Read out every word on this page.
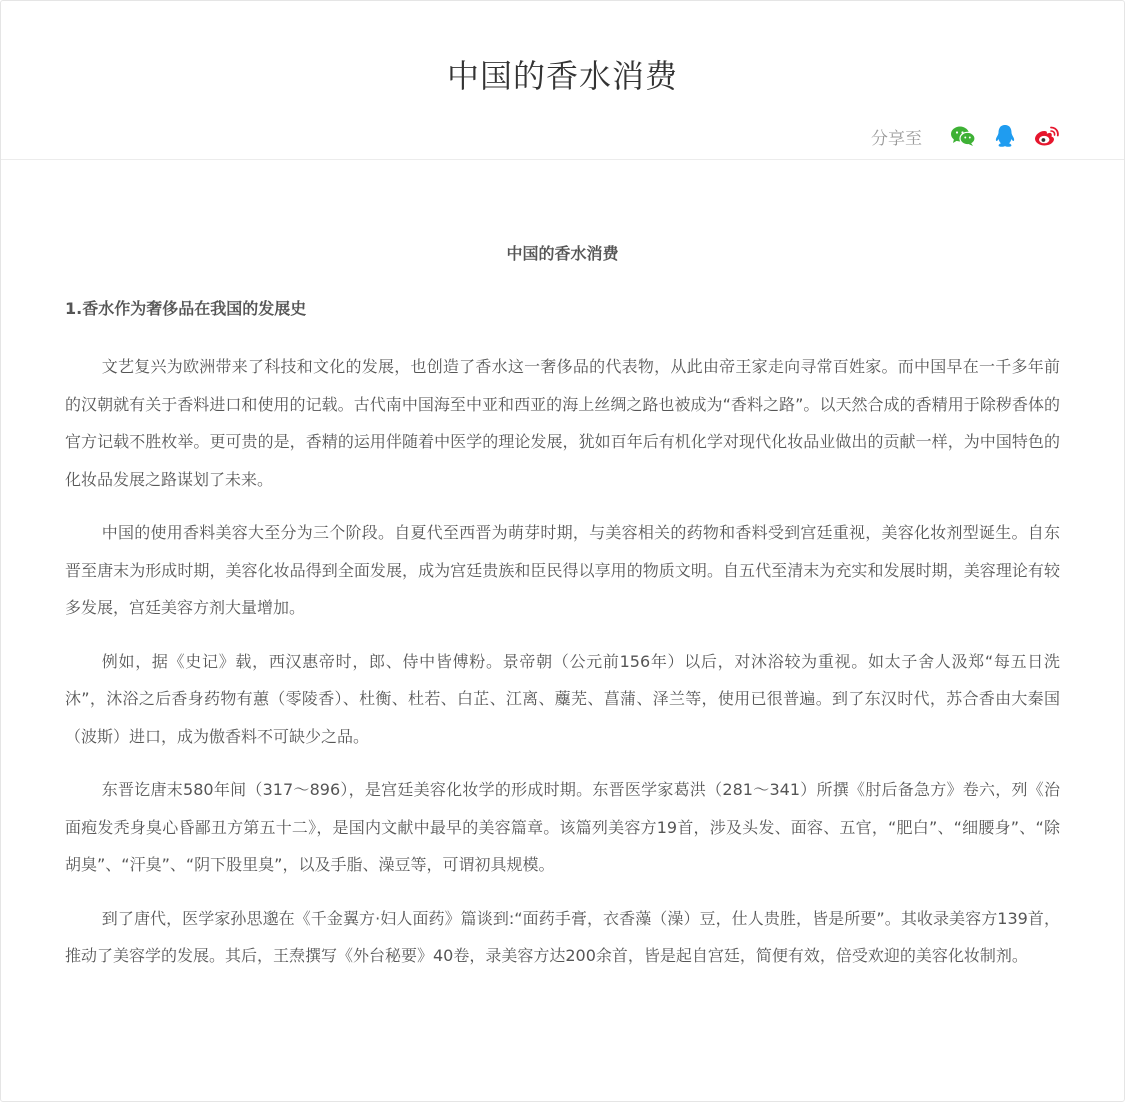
中国的香水消费
分享至
中国的香水消费
1.香水作为奢侈品在我国的发展史

文艺复兴为欧洲带来了科技和文化的发展，也创造了香水这一奢侈品的代表物，从此由帝王家走向寻常百姓家。而中国早在一千多年前的汉朝就有关于香料进口和使用的记载。古代南中国海至中亚和西亚的海上丝绸之路也被成为“香料之路”。以天然合成的香精用于除秽香体的官方记载不胜枚举。更可贵的是，香精的运用伴随着中医学的理论发展，犹如百年后有机化学对现代化妆品业做出的贡献一样，为中国特色的化妆品发展之路谋划了未来。

中国的使用香料美容大至分为三个阶段。自夏代至西晋为萌芽时期，与美容相关的药物和香料受到宫廷重视，美容化妆剂型诞生。自东晋至唐末为形成时期，美容化妆品得到全面发展，成为宫廷贵族和臣民得以享用的物质文明。自五代至清末为充实和发展时期，美容理论有较多发展，宫廷美容方剂大量增加。

例如，据《史记》载，西汉惠帝时，郎、侍中皆傅粉。景帝朝（公元前156年）以后，对沐浴较为重视。如太子舍人汲郑“每五日洗沐”，沐浴之后香身药物有蕙（零陵香）、杜衡、杜若、白芷、江离、蘪芜、菖蒲、泽兰等，使用已很普遍。到了东汉时代，苏合香由大秦国（波斯）进口，成为傲香料不可缺少之品。

东晋讫唐末580年间（317～896），是宫廷美容化妆学的形成时期。东晋医学家葛洪（281～341）所撰《肘后备急方》卷六，列《治面疱发秃身臭心昏鄙丑方第五十二》，是国内文献中最早的美容篇章。该篇列美容方19首，涉及头发、面容、五官，“肥白”、“细腰身”、“除胡臭”、“汗臭”、“阴下股里臭”，以及手脂、澡豆等，可谓初具规模。

到了唐代，医学家孙思邈在《千金翼方·妇人面药》篇谈到:“面药手膏，衣香藻（澡）豆，仕人贵胜，皆是所要”。其收录美容方139首，推动了美容学的发展。其后，王焘撰写《外台秘要》40卷，录美容方达200余首，皆是起自宫廷，简便有效，倍受欢迎的美容化妆制剂。
